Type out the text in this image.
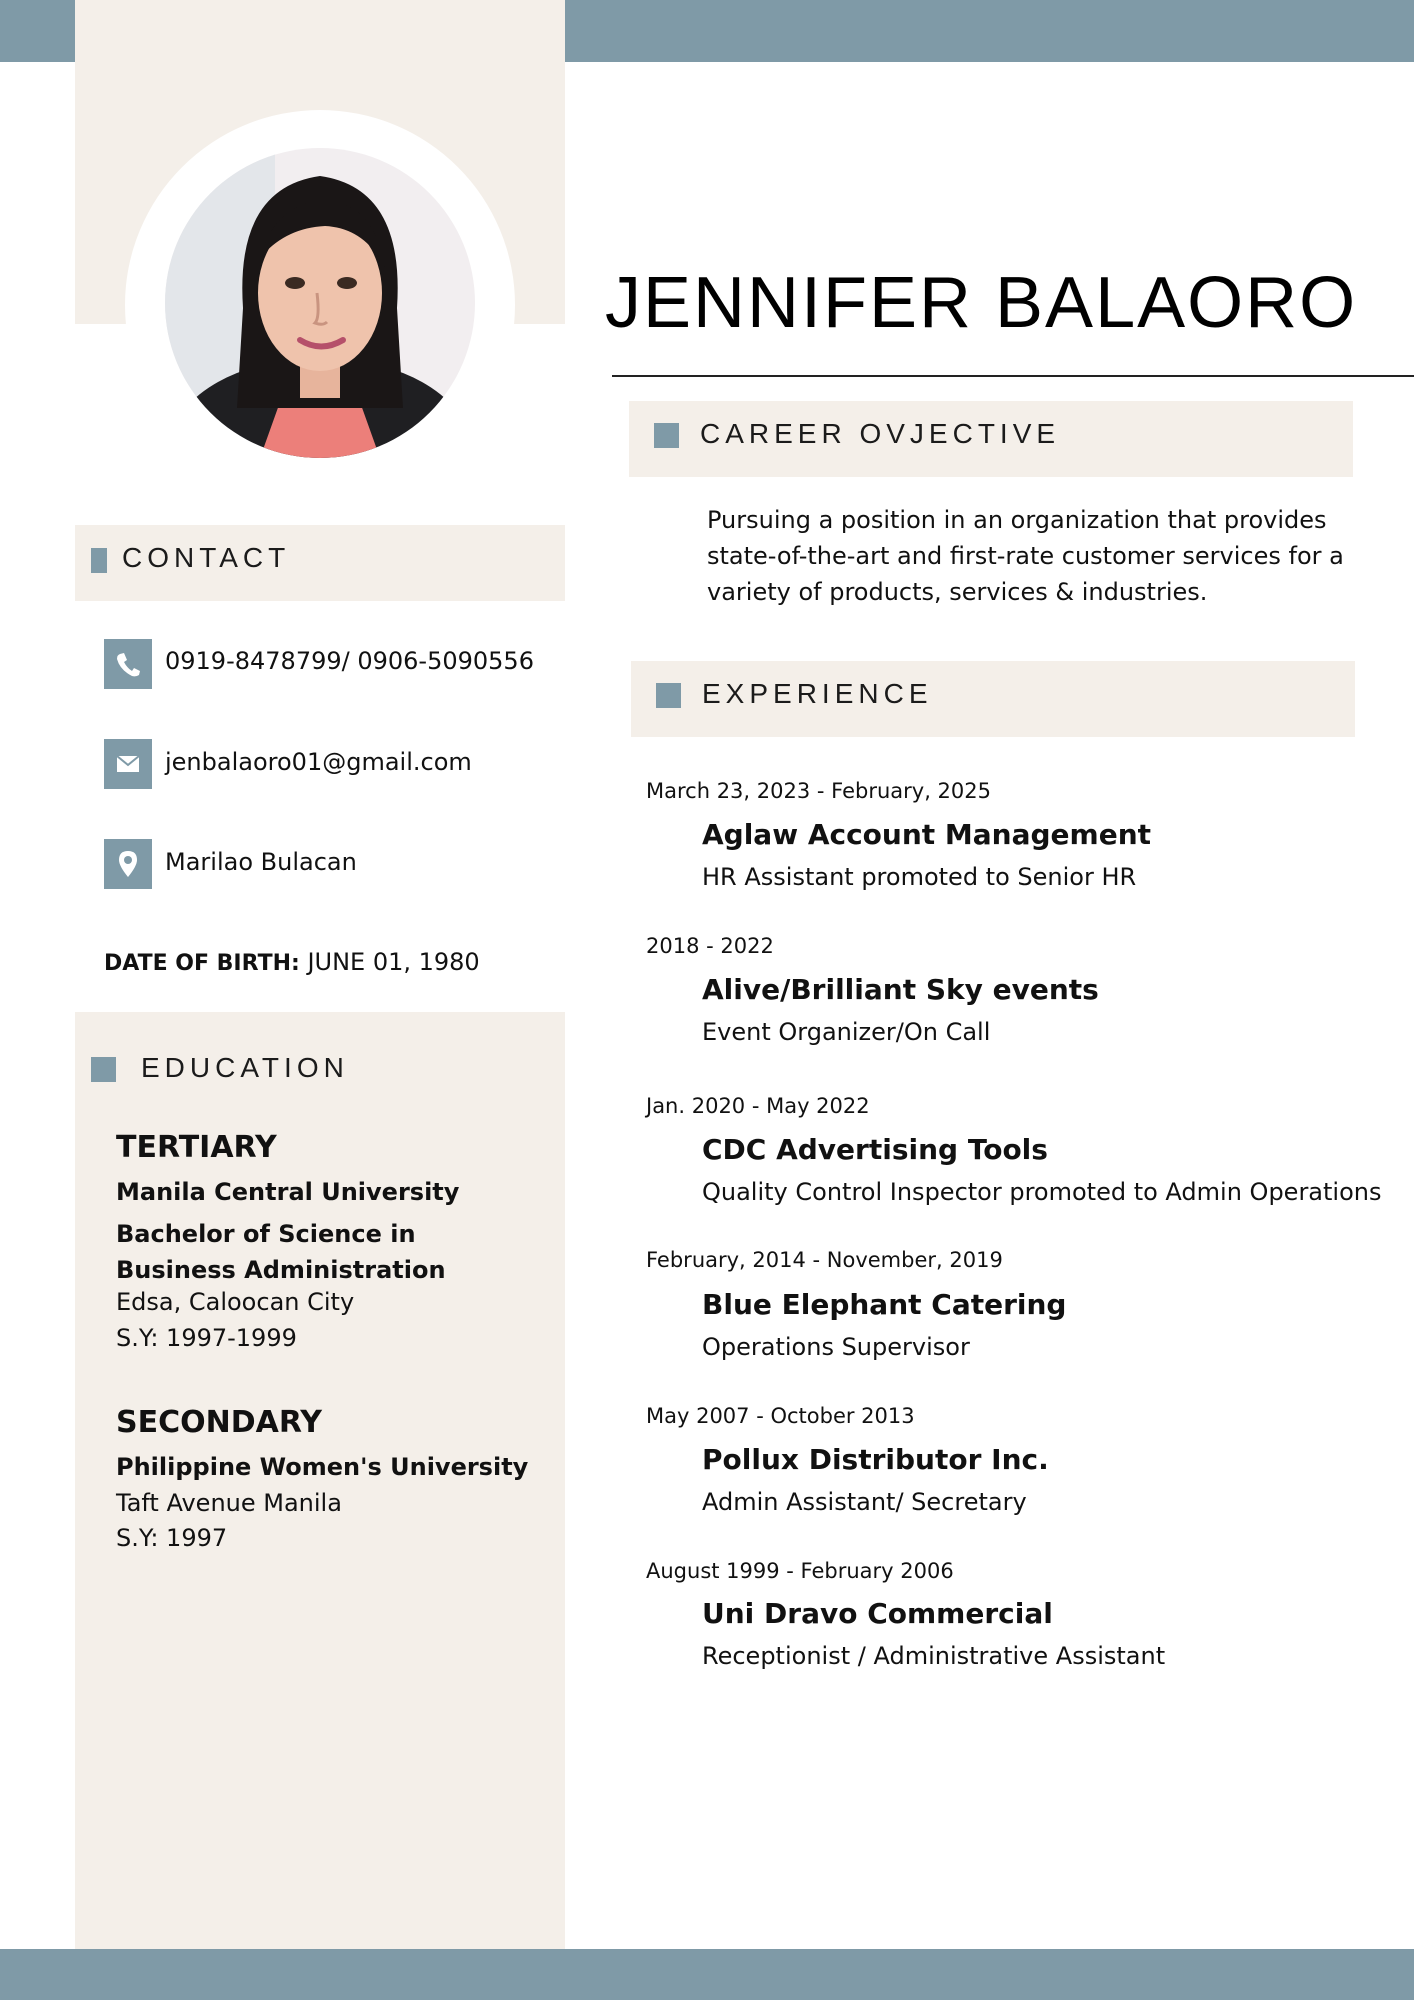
JENNIFER BALAORO
CAREER OVJECTIVE
Pursuing a position in an organization that provides state-of-the-art and first-rate customer services for a variety of products, services & industries.
EXPERIENCE
March 23, 2023 - February, 2025
Aglaw Account Management
HR Assistant promoted to Senior HR
2018 - 2022
Alive/Brilliant Sky events
Event Organizer/On Call
Jan. 2020 - May 2022
CDC Advertising Tools
Quality Control Inspector promoted to Admin Operations
February, 2014 - November, 2019
Blue Elephant Catering
Operations Supervisor
May 2007 - October 2013
Pollux Distributor Inc.
Admin Assistant/ Secretary
August 1999 - February 2006
Uni Dravo Commercial
Receptionist / Administrative Assistant
CONTACT
0919-8478799/ 0906-5090556
jenbalaoro01@gmail.com
Marilao Bulacan
DATE OF BIRTH: JUNE 01, 1980
EDUCATION
TERTIARY
Manila Central University
Bachelor of Science in Business Administration
Edsa, Caloocan City
S.Y: 1997-1999
SECONDARY
Philippine Women's University
Taft Avenue Manila
S.Y: 1997
